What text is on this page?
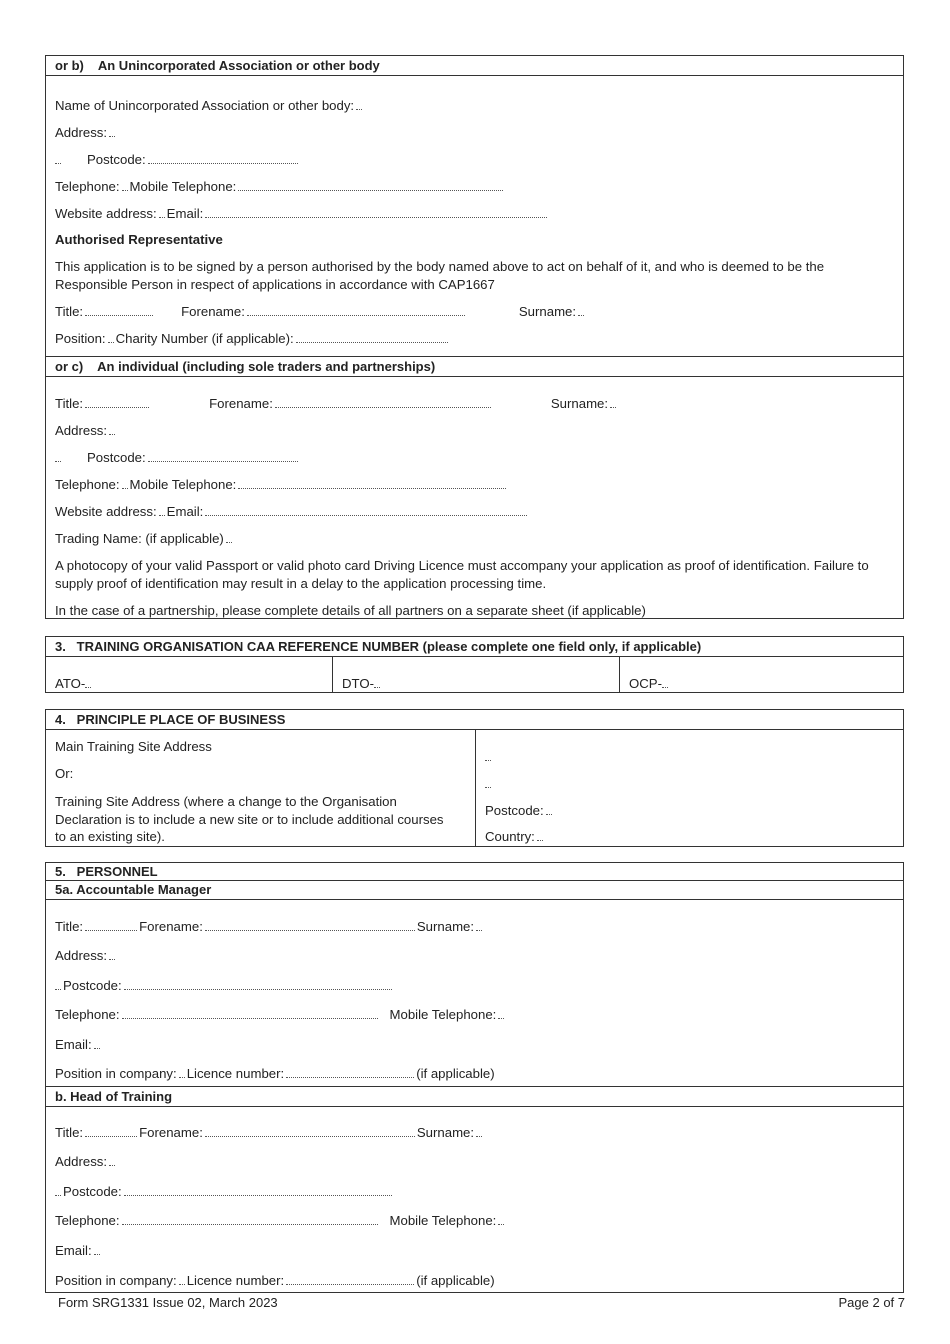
or b) An Unincorporated Association or other body
Name of Unincorporated Association or other body:
Address:
Postcode:
Telephone: Mobile Telephone:
Website address: Email:
Authorised Representative
This application is to be signed by a person authorised by the body named above to act on behalf of it, and who is deemed to be the Responsible Person in respect of applications in accordance with CAP1667
Title:	Forename:	Surname:
Position: Charity Number (if applicable):
or c) An individual (including sole traders and partnerships)
Title:	Forename:	Surname:
Address:
Postcode:
Telephone: Mobile Telephone:
Website address: Email:
Trading Name: (if applicable)
A photocopy of your valid Passport or valid photo card Driving Licence must accompany your application as proof of identification. Failure to supply proof of identification may result in a delay to the application processing time.
In the case of a partnership, please complete details of all partners on a separate sheet (if applicable)
3.   TRAINING ORGANISATION CAA REFERENCE NUMBER (please complete one field only, if applicable)
ATO-	DTO-	OCP-
4.   PRINCIPLE PLACE OF BUSINESS
Main Training Site Address
Or:
Training Site Address (where a change to the Organisation Declaration is to include a new site or to include additional courses to an existing site).
Postcode:
Country:
5.   PERSONNEL
5a. Accountable Manager
Title:	Forename:	Surname:
Address:
Postcode:
Telephone:	Mobile Telephone:
Email:
Position in company: Licence number:	(if applicable)
b. Head of Training
Title:	Forename:	Surname:
Address:
Postcode:
Telephone:	Mobile Telephone:
Email:
Position in company: Licence number:	(if applicable)
Form SRG1331 Issue 02, March 2023	Page 2 of 7
